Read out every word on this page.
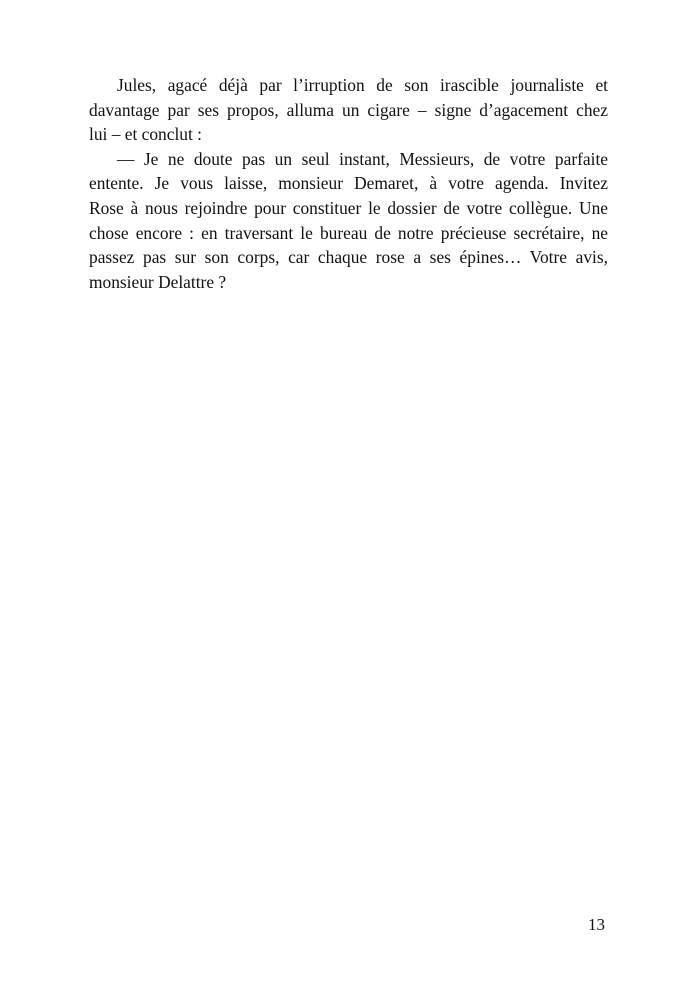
Jules, agacé déjà par l’irruption de son irascible journaliste et
davantage par ses propos, alluma un cigare – signe d’agacement chez
lui – et conclut :
— Je ne doute pas un seul instant, Messieurs, de votre parfaite
entente. Je vous laisse, monsieur Demaret, à votre agenda. Invitez
Rose à nous rejoindre pour constituer le dossier de votre collègue. Une
chose encore : en traversant le bureau de notre précieuse secrétaire, ne
passez pas sur son corps, car chaque rose a ses épines… Votre avis,
monsieur Delattre ?
13
